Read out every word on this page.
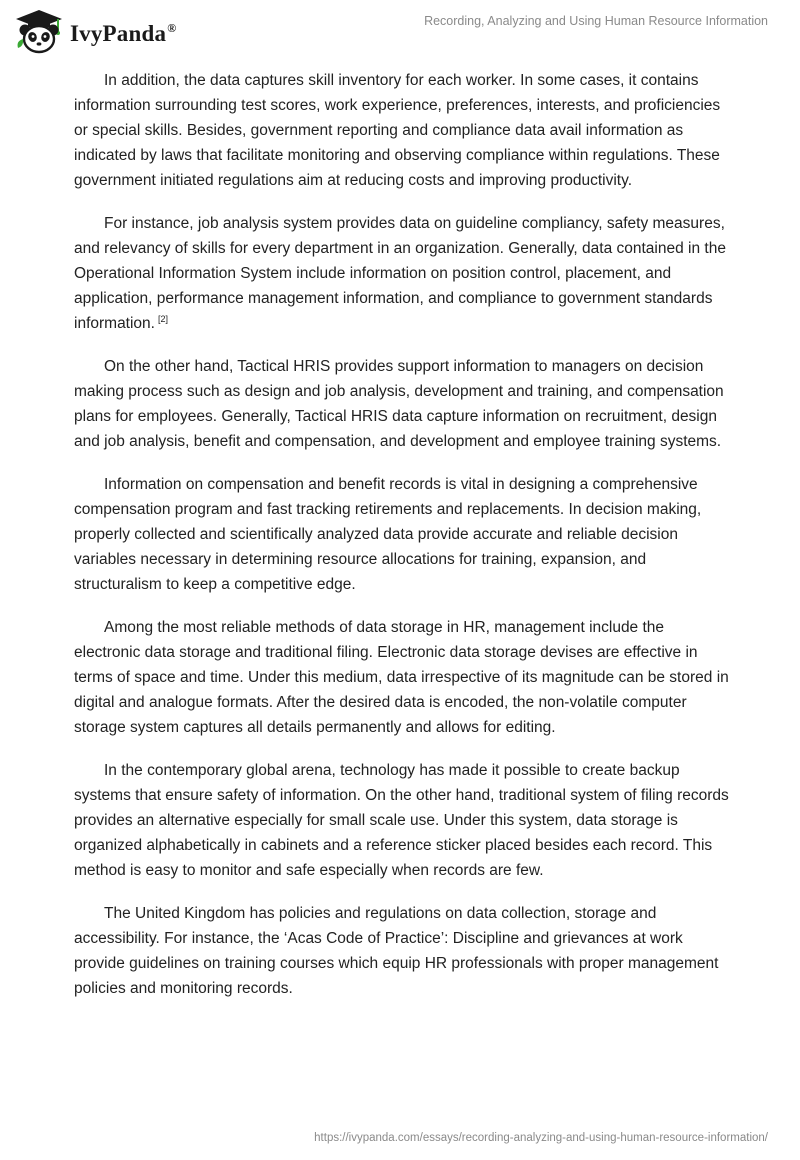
IvyPanda®
Recording, Analyzing and Using Human Resource Information

In addition, the data captures skill inventory for each worker. In some cases, it contains information surrounding test scores, work experience, preferences, interests, and proficiencies or special skills. Besides, government reporting and compliance data avail information as indicated by laws that facilitate monitoring and observing compliance within regulations. These government initiated regulations aim at reducing costs and improving productivity.

For instance, job analysis system provides data on guideline compliancy, safety measures, and relevancy of skills for every department in an organization. Generally, data contained in the Operational Information System include information on position control, placement, and application, performance management information, and compliance to government standards information. [2]

On the other hand, Tactical HRIS provides support information to managers on decision making process such as design and job analysis, development and training, and compensation plans for employees. Generally, Tactical HRIS data capture information on recruitment, design and job analysis, benefit and compensation, and development and employee training systems.

Information on compensation and benefit records is vital in designing a comprehensive compensation program and fast tracking retirements and replacements. In decision making, properly collected and scientifically analyzed data provide accurate and reliable decision variables necessary in determining resource allocations for training, expansion, and structuralism to keep a competitive edge.

Among the most reliable methods of data storage in HR, management include the electronic data storage and traditional filing. Electronic data storage devises are effective in terms of space and time. Under this medium, data irrespective of its magnitude can be stored in digital and analogue formats. After the desired data is encoded, the non-volatile computer storage system captures all details permanently and allows for editing.

In the contemporary global arena, technology has made it possible to create backup systems that ensure safety of information. On the other hand, traditional system of filing records provides an alternative especially for small scale use. Under this system, data storage is organized alphabetically in cabinets and a reference sticker placed besides each record. This method is easy to monitor and safe especially when records are few.

The United Kingdom has policies and regulations on data collection, storage and accessibility. For instance, the ‘Acas Code of Practice’: Discipline and grievances at work provide guidelines on training courses which equip HR professionals with proper management policies and monitoring records.

https://ivypanda.com/essays/recording-analyzing-and-using-human-resource-information/
